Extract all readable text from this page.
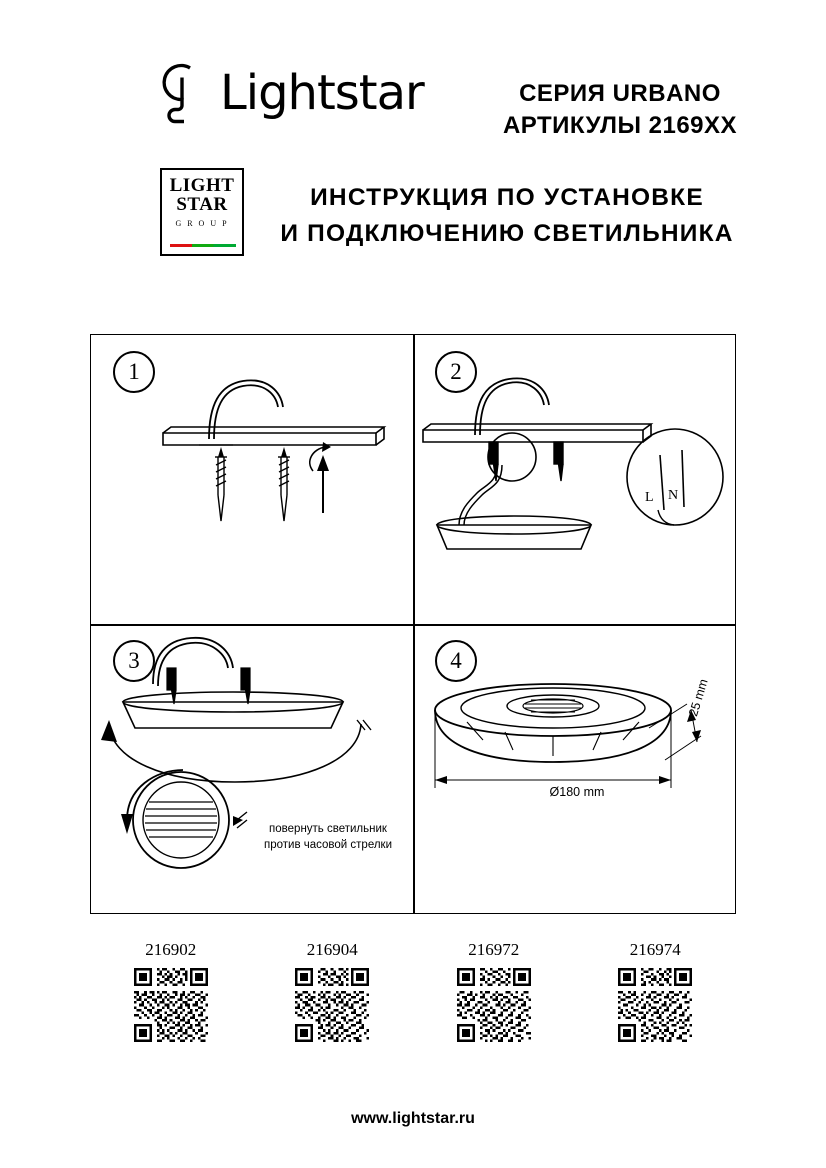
Lightstar	СЕРИЯ URBANO
АРТИКУЛЫ 2169XX
LIGHT
STAR
G R O U P
ИНСТРУКЦИЯ ПО УСТАНОВКЕ
И ПОДКЛЮЧЕНИЮ СВЕТИЛЬНИКА
1	2
L N
3
повернуть светильник
против часовой стрелки
4
Ø180 mm
25 mm
216902	216904	216972	216974
www.lightstar.ru
